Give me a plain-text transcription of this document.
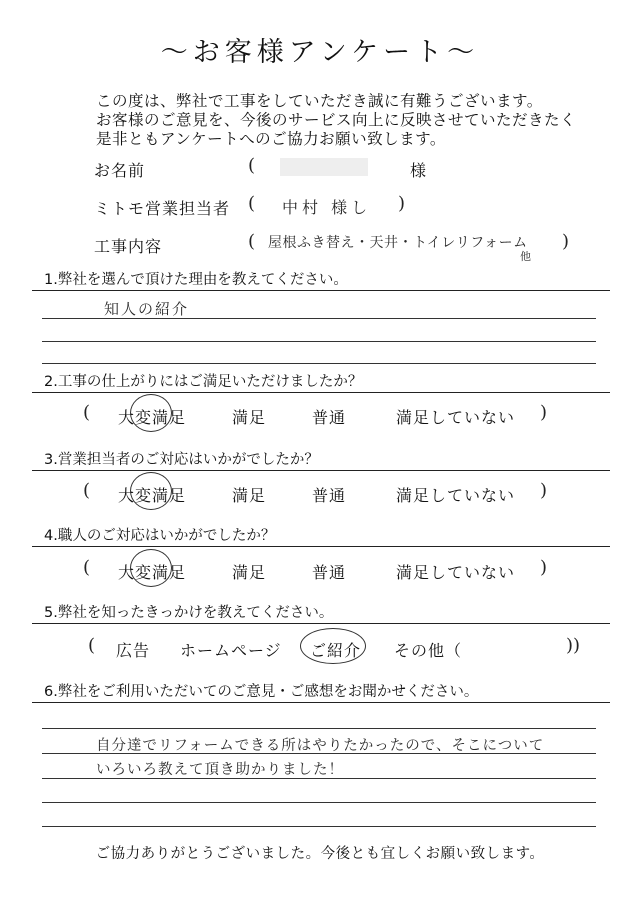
〜お客様アンケート〜
この度は、弊社で工事をしていただき誠に有難うございます。
お客様のご意見を、今後のサービス向上に反映させていただきたく
是非ともアンケートへのご協力お願い致します。
お名前	(	様
ミトモ営業担当者 ( 中村 様し )
工事内容	( 屋根ふき替え・天井・トイレリフォーム
他
)
1.弊社を選んで頂けた理由を教えてください。
知人の紹介
2.工事の仕上がりにはご満足いただけましたか？
( 大変満足	満足	普通	満足していない )
3.営業担当者のご対応はいかがでしたか？
( 大変満足	満足	普通	満足していない )
4.職人のご対応はいかがでしたか？
( 大変満足	満足	普通	満足していない )
5.弊社を知ったきっかけを教えてください。
( 広告 ホームページ ご紹介 その他（	))
6.弊社をご利用いただいてのご意見・ご感想をお聞かせください。
自分達でリフォームできる所はやりたかったので、そこについて
いろいろ教えて頂き助かりました！
ご協力ありがとうございました。今後とも宜しくお願い致します。
